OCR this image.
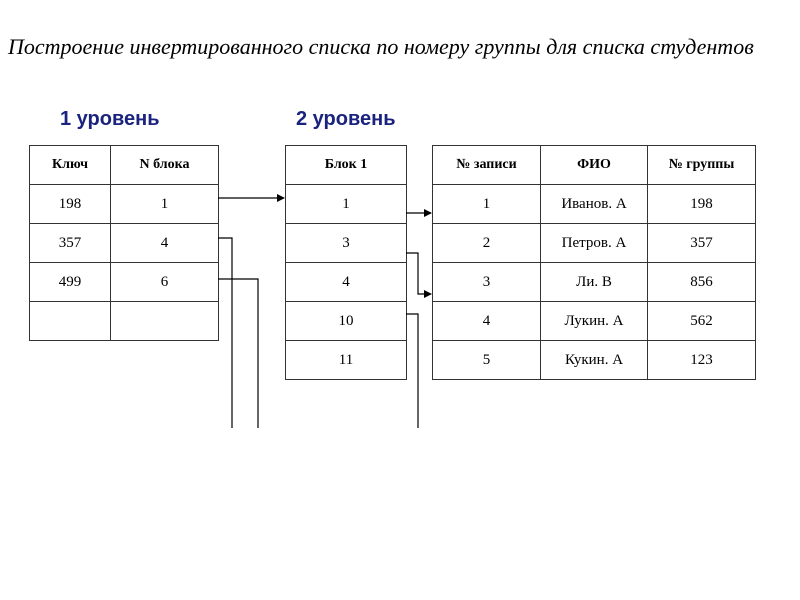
Построение инвертированного списка по номеру группы для списка студентов
1 уровень	2 уровень
Ключ	N блока
198	1
357	4
499	6

Блок 1
1
3
4
10
11
№ записи	ФИО	№ группы
1	Иванов. А	198
2	Петров. А	357
3	Ли. В	856
4	Лукин. А	562
5	Кукин. А	123
